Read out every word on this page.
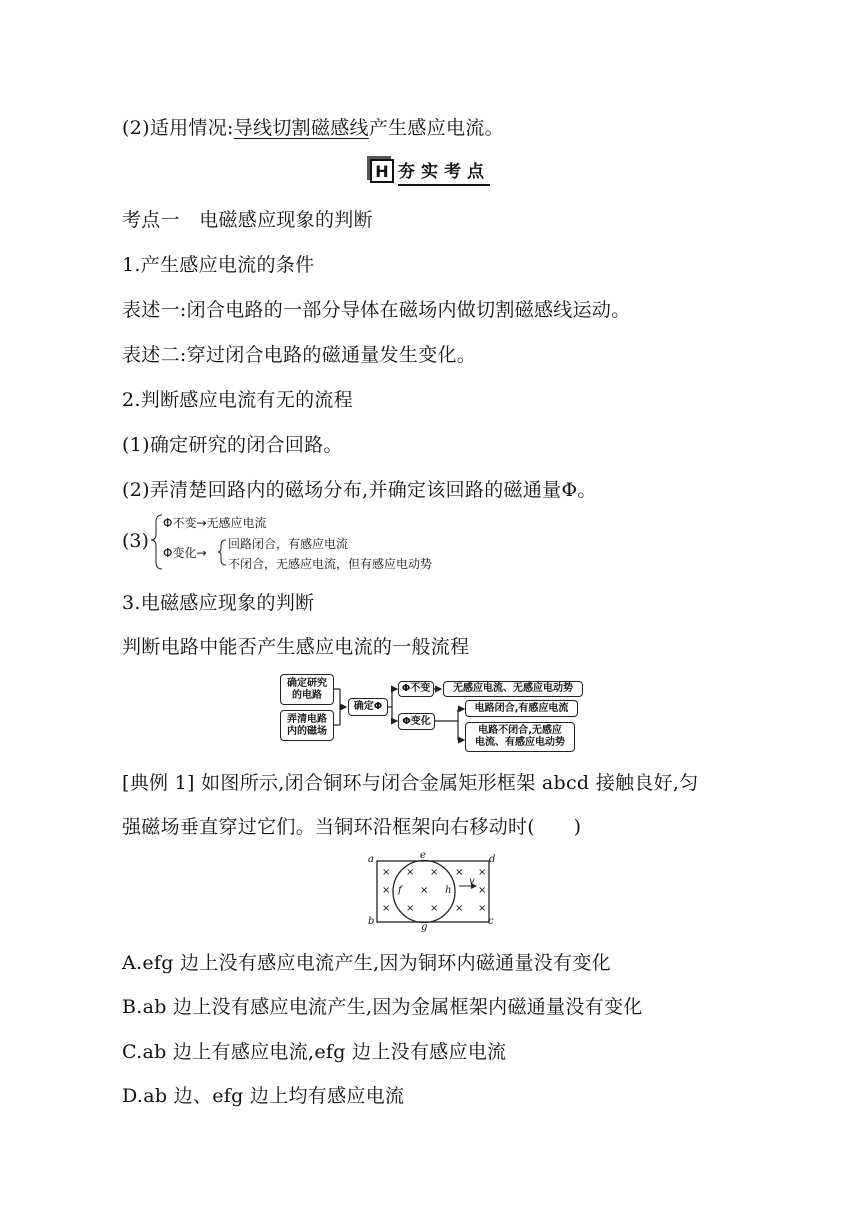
(2)适用情况:导线切割磁感线产生感应电流。
H 夯实考点
考点一　电磁感应现象的判断
1.产生感应电流的条件
表述一:闭合电路的一部分导体在磁场内做切割磁感线运动。
表述二:穿过闭合电路的磁通量发生变化。
2.判断感应电流有无的流程
(1)确定研究的闭合回路。
(2)弄清楚回路内的磁场分布,并确定该回路的磁通量Φ。
(3)
Φ不变→无感应电流
Φ变化→
回路闭合，有感应电流
不闭合，无感应电流，但有感应电动势
3.电磁感应现象的判断
判断电路中能否产生感应电流的一般流程
确定研究
的电路
弄清电路
内的磁场
确定Φ
Φ不变
Φ变化
无感应电流、无感应电动势
电路闭合,有感应电流
电路不闭合,无感应
电流、有感应电动势
[典例 1] 如图所示,闭合铜环与闭合金属矩形框架 abcd 接触良好,匀
强磁场垂直穿过它们。当铜环沿框架向右移动时(　　)
a	e	d
b
g
c
f	h
v
× × × × ×
×	×	×
× × × × ×
A.efg 边上没有感应电流产生,因为铜环内磁通量没有变化
B.ab 边上没有感应电流产生,因为金属框架内磁通量没有变化
C.ab 边上有感应电流,efg 边上没有感应电流
D.ab 边、efg 边上均有感应电流
